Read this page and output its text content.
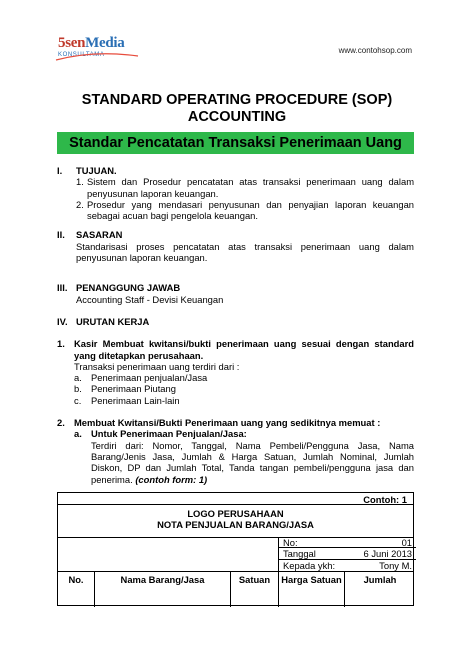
5senMedia
KONSULTAMA	www.contohsop.com
STANDARD OPERATING PROCEDURE (SOP)
ACCOUNTING
Standar Pencatatan Transaksi Penerimaan Uang
I.	TUJUAN.
1. Sistem dan Prosedur pencatatan atas transaksi penerimaan uang dalam penyusunan laporan keuangan.
2. Prosedur yang mendasari penyusunan dan penyajian laporan keuangan sebagai acuan bagi pengelola keuangan.
II.	SASARAN
Standarisasi proses pencatatan atas transaksi penerimaan uang dalam penyusunan laporan keuangan.
III. PENANGGUNG JAWAB
Accounting Staff - Devisi Keuangan
IV. URUTAN KERJA
1. Kasir Membuat kwitansi/bukti penerimaan uang sesuai dengan standard yang ditetapkan perusahaan.
Transaksi penerimaan uang terdiri dari :
a. Penerimaan penjualan/Jasa
b. Penerimaan Piutang
c.	Penerimaan Lain-lain
2. Membuat Kwitansi/Bukti Penerimaan uang yang sedikitnya memuat :
a. Untuk Penerimaan Penjualan/Jasa:
Terdiri dari: Nomor, Tanggal, Nama Pembeli/Pengguna Jasa, Nama Barang/Jenis Jasa, Jumlah & Harga Satuan, Jumlah Nominal, Jumlah Diskon, DP dan Jumlah Total, Tanda tangan pembeli/pengguna jasa dan penerima. (contoh form: 1)
Contoh: 1
LOGO PERUSAHAAN
NOTA PENJUALAN BARANG/JASA
No:	01
Tanggal	6 Juni 2013
Kepada ykh:	Tony M.
No.	Nama Barang/Jasa	Satuan	Harga Satuan	Jumlah
